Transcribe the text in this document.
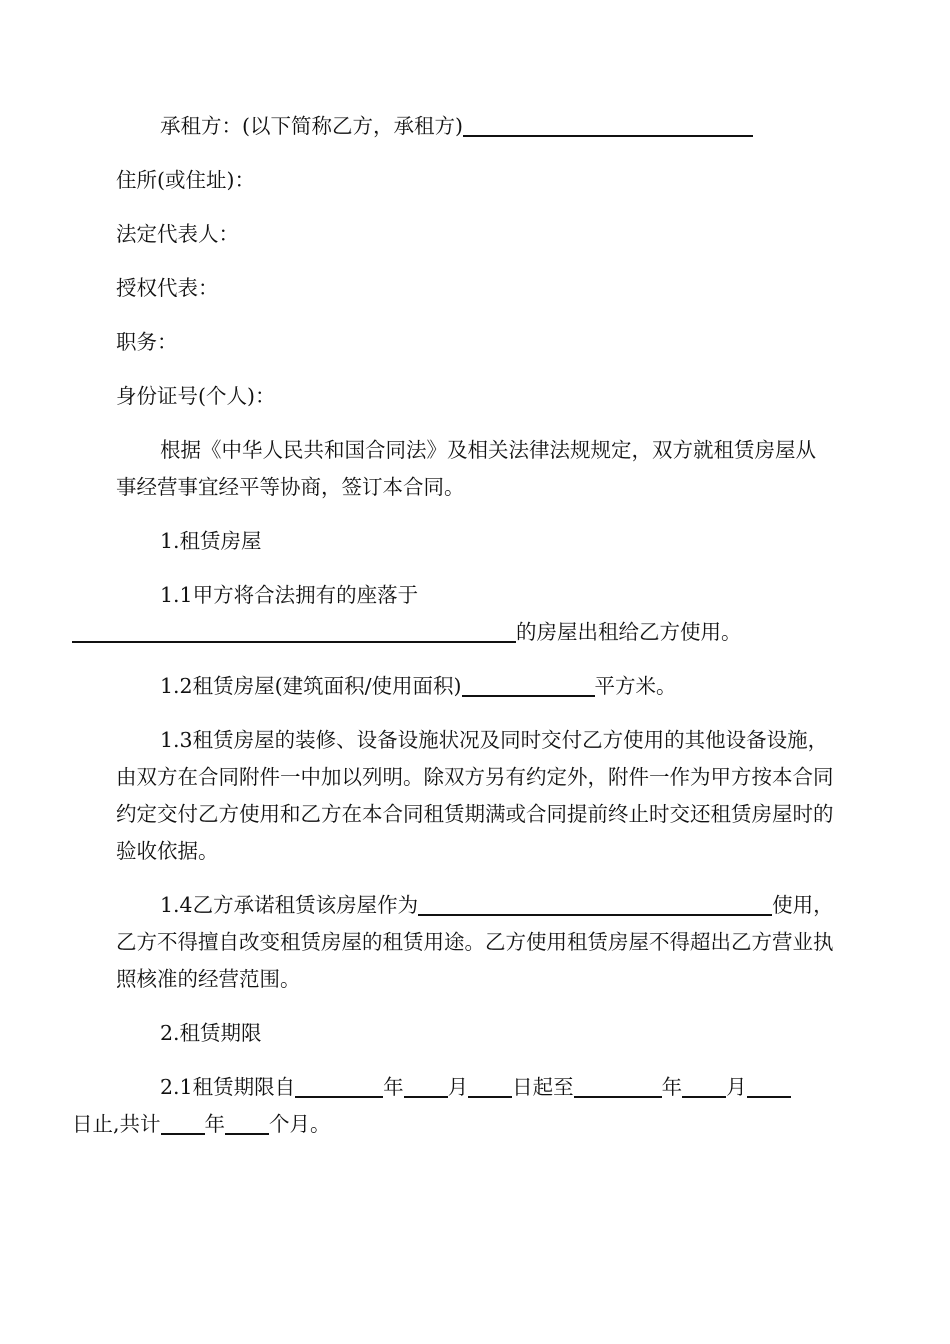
承租方：(以下简称乙方，承租方)

住所(或住址)：

法定代表人：

授权代表：

职务：

身份证号(个人)：

根据《中华人民共和国合同法》及相关法律法规规定，双方就租赁房屋从事经营事宜经平等协商，签订本合同。

1.租赁房屋

1.1甲方将合法拥有的座落于
的房屋出租给乙方使用。

1.2租赁房屋(建筑面积/使用面积)	平方米。

1.3租赁房屋的装修、设备设施状况及同时交付乙方使用的其他设备设施，由双方在合同附件一中加以列明。除双方另有约定外，附件一作为甲方按本合同约定交付乙方使用和乙方在本合同租赁期满或合同提前终止时交还租赁房屋时的验收依据。

1.4乙方承诺租赁该房屋作为	使用，乙方不得擅自改变租赁房屋的租赁用途。乙方使用租赁房屋不得超出乙方营业执照核准的经营范围。

2.租赁期限

2.1租赁期限自	年 月 日起至	年 月
日止,共计 年 个月。
